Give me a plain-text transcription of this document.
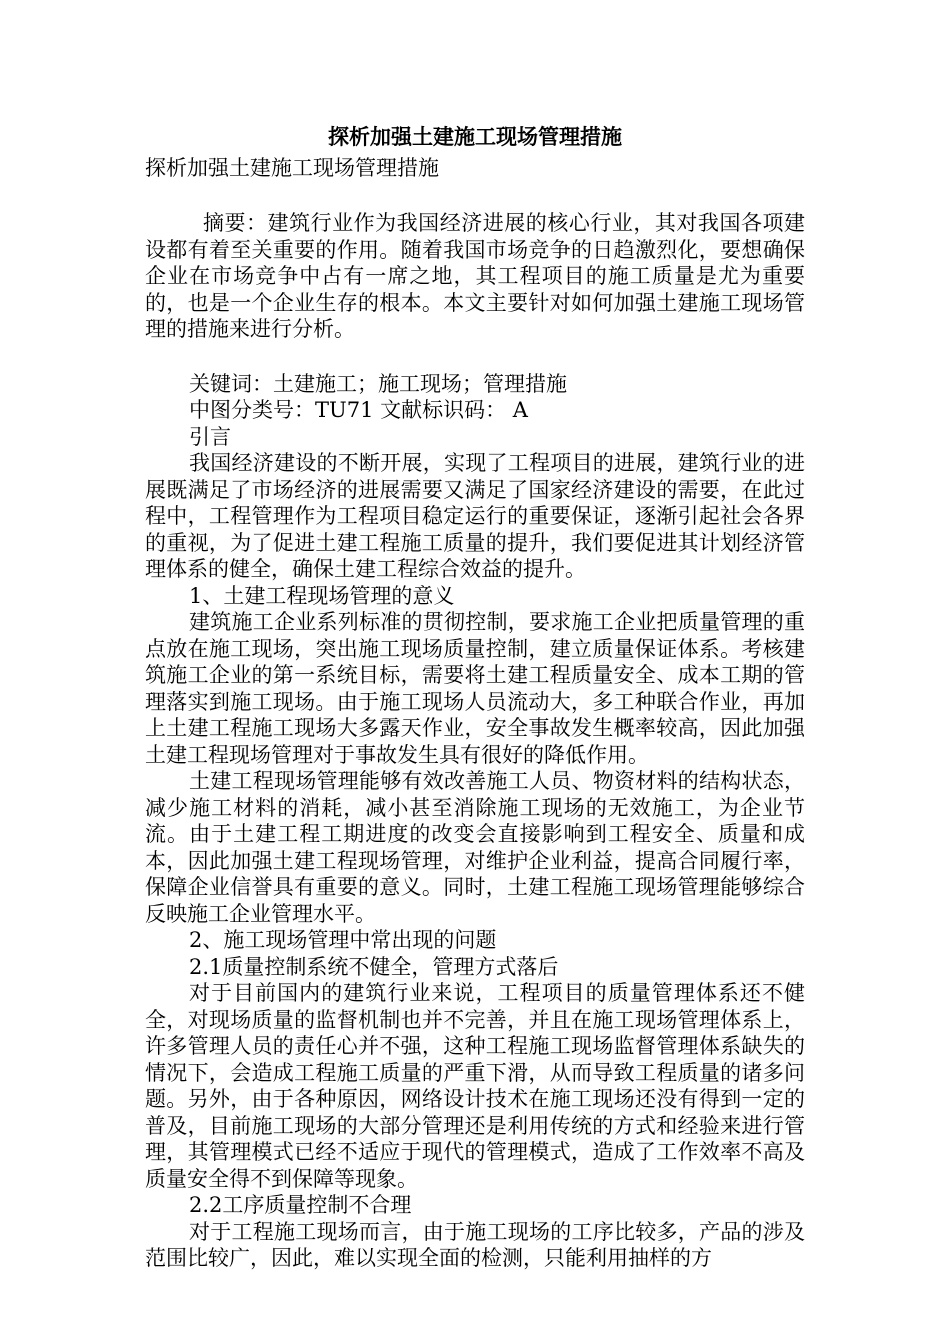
探析加强土建施工现场管理措施
探析加强土建施工现场管理措施

摘要：建筑行业作为我国经济进展的核心行业，其对我国各项建设都有着至关重要的作用。随着我国市场竞争的日趋激烈化，要想确保企业在市场竞争中占有一席之地，其工程项目的施工质量是尤为重要的，也是一个企业生存的根本。本文主要针对如何加强土建施工现场管理的措施来进行分析。

关键词：土建施工；施工现场；管理措施

中图分类号：TU71 文献标识码： A

引言

我国经济建设的不断开展，实现了工程项目的进展，建筑行业的进展既满足了市场经济的进展需要又满足了国家经济建设的需要，在此过程中，工程管理作为工程项目稳定运行的重要保证，逐渐引起社会各界的重视，为了促进土建工程施工质量的提升，我们要促进其计划经济管理体系的健全，确保土建工程综合效益的提升。

1、土建工程现场管理的意义

建筑施工企业系列标准的贯彻控制，要求施工企业把质量管理的重点放在施工现场，突出施工现场质量控制，建立质量保证体系。考核建筑施工企业的第一系统目标，需要将土建工程质量安全、成本工期的管理落实到施工现场。由于施工现场人员流动大，多工种联合作业，再加上土建工程施工现场大多露天作业，安全事故发生概率较高，因此加强土建工程现场管理对于事故发生具有很好的降低作用。

土建工程现场管理能够有效改善施工人员、物资材料的结构状态，减少施工材料的消耗，减小甚至消除施工现场的无效施工，为企业节流。由于土建工程工期进度的改变会直接影响到工程安全、质量和成本，因此加强土建工程现场管理，对维护企业利益，提高合同履行率，保障企业信誉具有重要的意义。同时，土建工程施工现场管理能够综合反映施工企业管理水平。

2、施工现场管理中常出现的问题

2.1质量控制系统不健全，管理方式落后

对于目前国内的建筑行业来说，工程项目的质量管理体系还不健全，对现场质量的监督机制也并不完善，并且在施工现场管理体系上，许多管理人员的责任心并不强，这种工程施工现场监督管理体系缺失的情况下，会造成工程施工质量的严重下滑，从而导致工程质量的诸多问题。另外，由于各种原因，网络设计技术在施工现场还没有得到一定的普及，目前施工现场的大部分管理还是利用传统的方式和经验来进行管理，其管理模式已经不适应于现代的管理模式，造成了工作效率不高及质量安全得不到保障等现象。

2.2工序质量控制不合理

对于工程施工现场而言，由于施工现场的工序比较多，产品的涉及范围比较广，因此，难以实现全面的检测，只能利用抽样的方
